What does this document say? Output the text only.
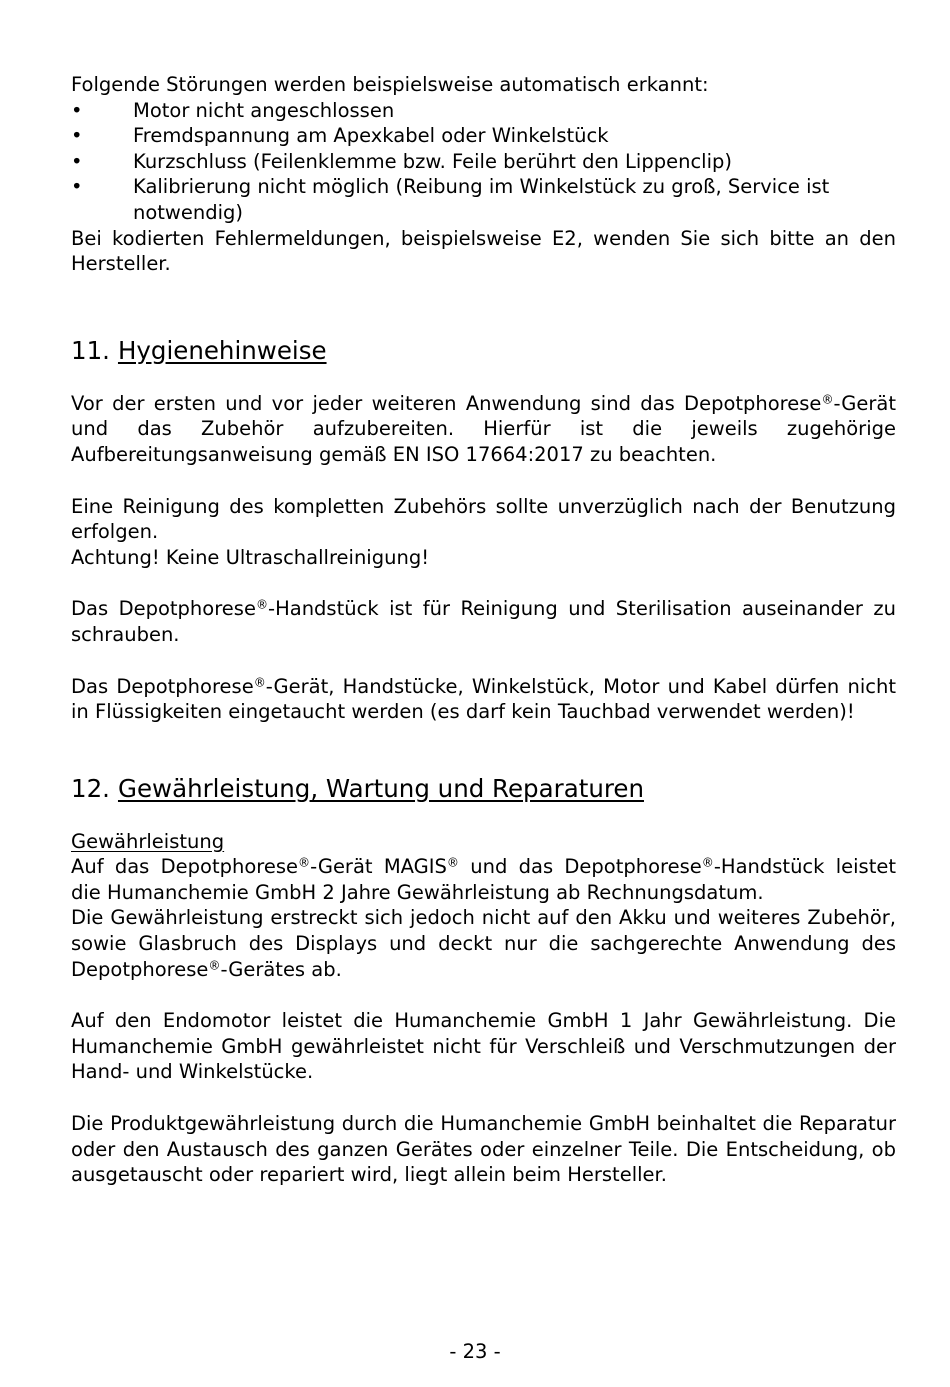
Folgende Störungen werden beispielsweise automatisch erkannt:

•	Motor nicht angeschlossen
•	Fremdspannung am Apexkabel oder Winkelstück
•	Kurzschluss (Feilenklemme bzw. Feile berührt den Lippenclip)
•	Kalibrierung nicht möglich (Reibung im Winkelstück zu groß, Service ist notwendig)

Bei kodierten Fehlermeldungen, beispielsweise E2, wenden Sie sich bitte an den Hersteller.

11. Hygienehinweise

Vor der ersten und vor jeder weiteren Anwendung sind das Depotphorese®-Gerät und das Zubehör aufzubereiten. Hierfür ist die jeweils zugehörige Aufbereitungsanweisung gemäß EN ISO 17664:2017 zu beachten.

Eine Reinigung des kompletten Zubehörs sollte unverzüglich nach der Benutzung erfolgen.

Achtung! Keine Ultraschallreinigung!

Das Depotphorese®-Handstück ist für Reinigung und Sterilisation auseinander zu schrauben.

Das Depotphorese®-Gerät, Handstücke, Winkelstück, Motor und Kabel dürfen nicht in Flüssigkeiten eingetaucht werden (es darf kein Tauchbad verwendet werden)!

12. Gewährleistung, Wartung und Reparaturen

Gewährleistung

Auf das Depotphorese®-Gerät MAGIS® und das Depotphorese®-Handstück leistet die Humanchemie GmbH 2 Jahre Gewährleistung ab Rechnungsdatum.

Die Gewährleistung erstreckt sich jedoch nicht auf den Akku und weiteres Zubehör, sowie Glasbruch des Displays und deckt nur die sachgerechte Anwendung des Depotphorese®-Gerätes ab.

Auf den Endomotor leistet die Humanchemie GmbH 1 Jahr Gewährleistung. Die Humanchemie GmbH gewährleistet nicht für Verschleiß und Verschmutzungen der Hand- und Winkelstücke.

Die Produktgewährleistung durch die Humanchemie GmbH beinhaltet die Reparatur oder den Austausch des ganzen Gerätes oder einzelner Teile. Die Entscheidung, ob ausgetauscht oder repariert wird, liegt allein beim Hersteller.

- 23 -
